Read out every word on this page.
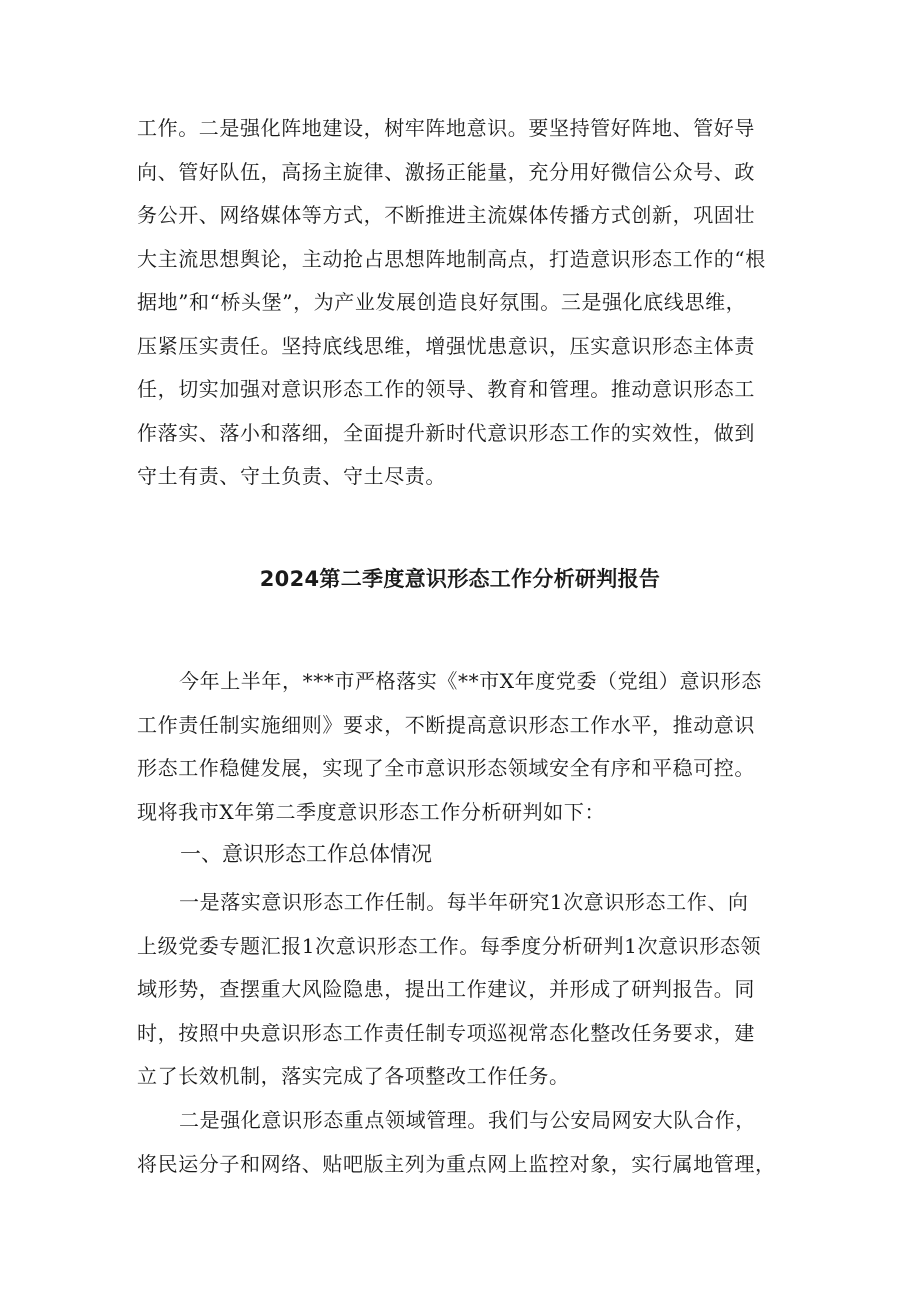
工作。二是强化阵地建设，树牢阵地意识。要坚持管好阵地、管好导
向、管好队伍，高扬主旋律、激扬正能量，充分用好微信公众号、政
务公开、网络媒体等方式，不断推进主流媒体传播方式创新，巩固壮
大主流思想舆论，主动抢占思想阵地制高点，打造意识形态工作的“根
据地”和“桥头堡”，为产业发展创造良好氛围。三是强化底线思维，
压紧压实责任。坚持底线思维，增强忧患意识，压实意识形态主体责
任，切实加强对意识形态工作的领导、教育和管理。推动意识形态工
作落实、落小和落细，全面提升新时代意识形态工作的实效性，做到
守土有责、守土负责、守土尽责。
2024第二季度意识形态工作分析研判报告
今年上半年，***市严格落实《**市X年度党委（党组）意识形态
工作责任制实施细则》要求，不断提高意识形态工作水平，推动意识
形态工作稳健发展，实现了全市意识形态领域安全有序和平稳可控。
现将我市X年第二季度意识形态工作分析研判如下：
一、意识形态工作总体情况
一是落实意识形态工作任制。每半年研究1次意识形态工作、向
上级党委专题汇报1次意识形态工作。每季度分析研判1次意识形态领
域形势，查摆重大风险隐患，提出工作建议，并形成了研判报告。同
时，按照中央意识形态工作责任制专项巡视常态化整改任务要求，建
立了长效机制，落实完成了各项整改工作任务。
二是强化意识形态重点领域管理。我们与公安局网安大队合作，
将民运分子和网络、贴吧版主列为重点网上监控对象，实行属地管理，
